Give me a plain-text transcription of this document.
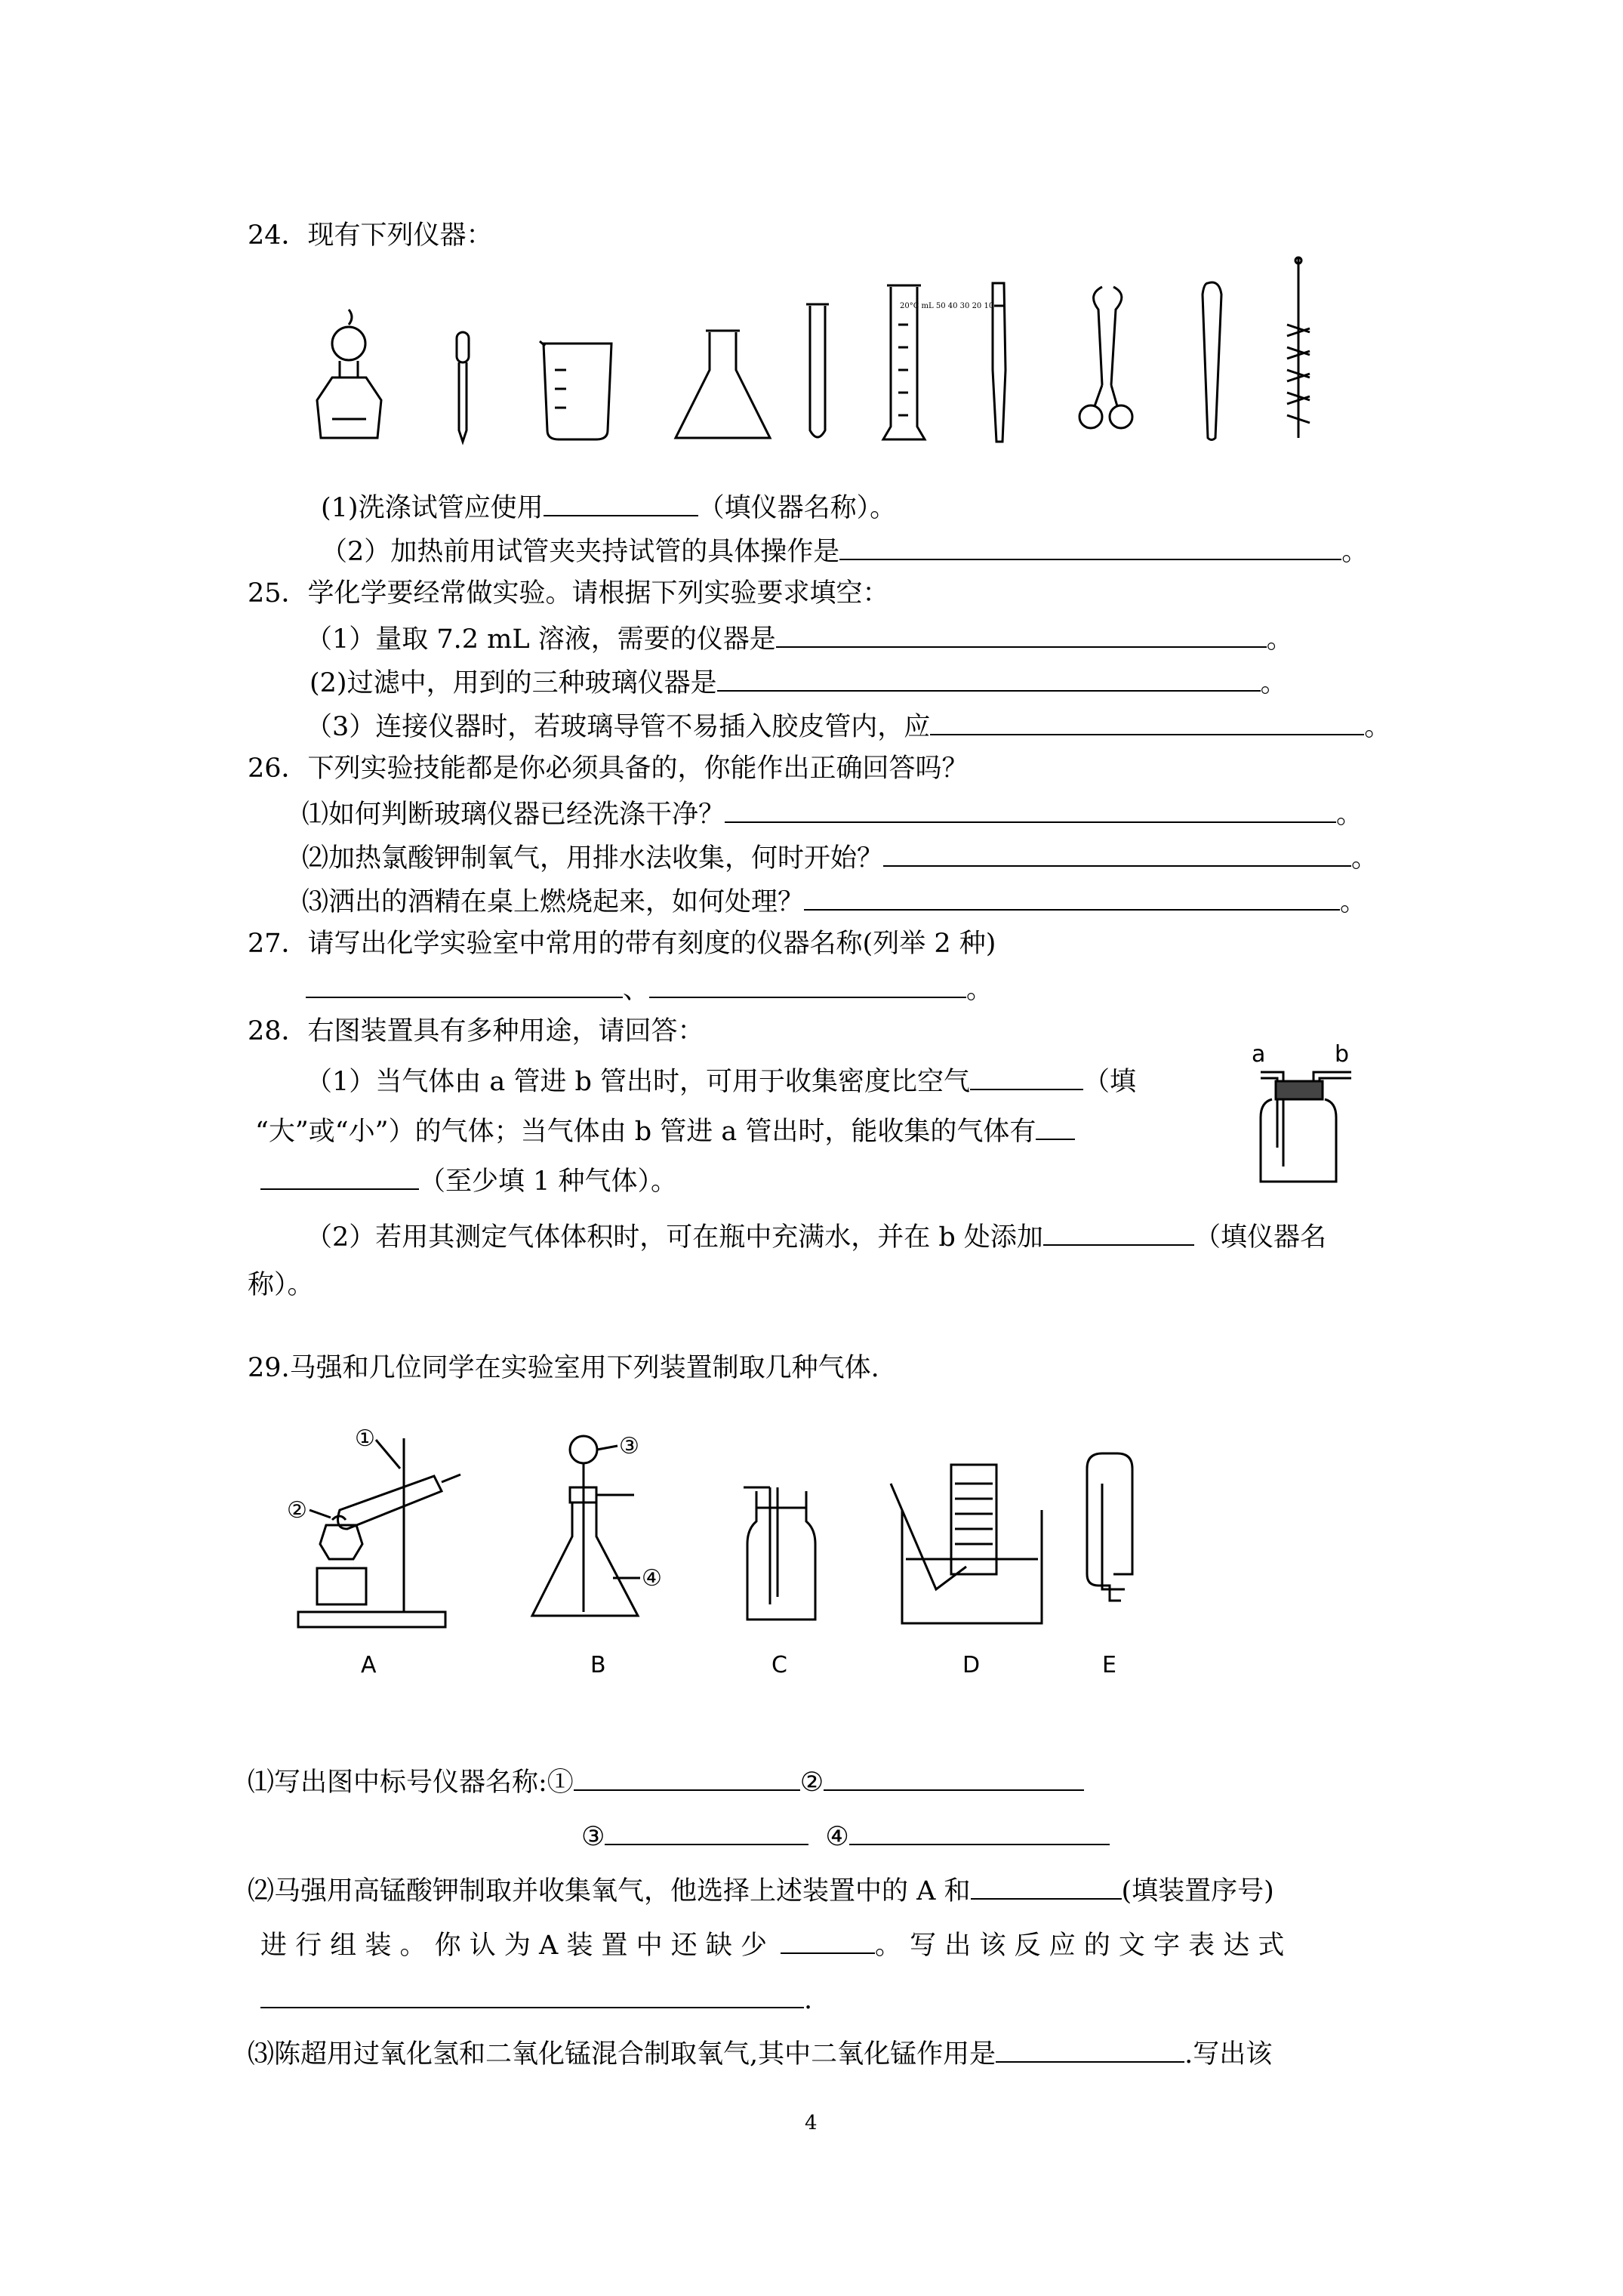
24．现有下列仪器：
20°C mL 50 40 30 20 10
(1)洗涤试管应使用	（填仪器名称）。
（2）加热前用试管夹夹持试管的具体操作是	。
25．学化学要经常做实验。请根据下列实验要求填空：
（1）量取 7.2 mL 溶液，需要的仪器是	。
(2)过滤中，用到的三种玻璃仪器是	。
（3）连接仪器时，若玻璃导管不易插入胶皮管内，应	。
26．下列实验技能都是你必须具备的，你能作出正确回答吗？
⑴如何判断玻璃仪器已经洗涤干净？	。
⑵加热氯酸钾制氧气，用排水法收集，何时开始？	。
⑶洒出的酒精在桌上燃烧起来，如何处理？	。
27．请写出化学实验室中常用的带有刻度的仪器名称(列举 2 种)
、	。
28．右图装置具有多种用途，请回答：
（1）当气体由 a 管进 b 管出时，可用于收集密度比空气	（填
“大”或“小”）的气体；当气体由 b 管进 a 管出时，能收集的气体有
（至少填 1 种气体）。
（2）若用其测定气体体积时，可在瓶中充满水，并在 b 处添加	（填仪器名
称）。
a	b
29.马强和几位同学在实验室用下列装置制取几种气体.
①
②
A
③
④
B	C	D	E
⑴写出图中标号仪器名称:①	②
③	④
⑵马强用高锰酸钾制取并收集氧气，他选择上述装置中的 A 和	(填装置序号)
进 行 组 装 。 你 认 为 A 装 置 中 还 缺 少	。 写 出 该 反 应 的 文 字 表 达 式
.
⑶陈超用过氧化氢和二氧化锰混合制取氧气,其中二氧化锰作用是	.写出该
4
